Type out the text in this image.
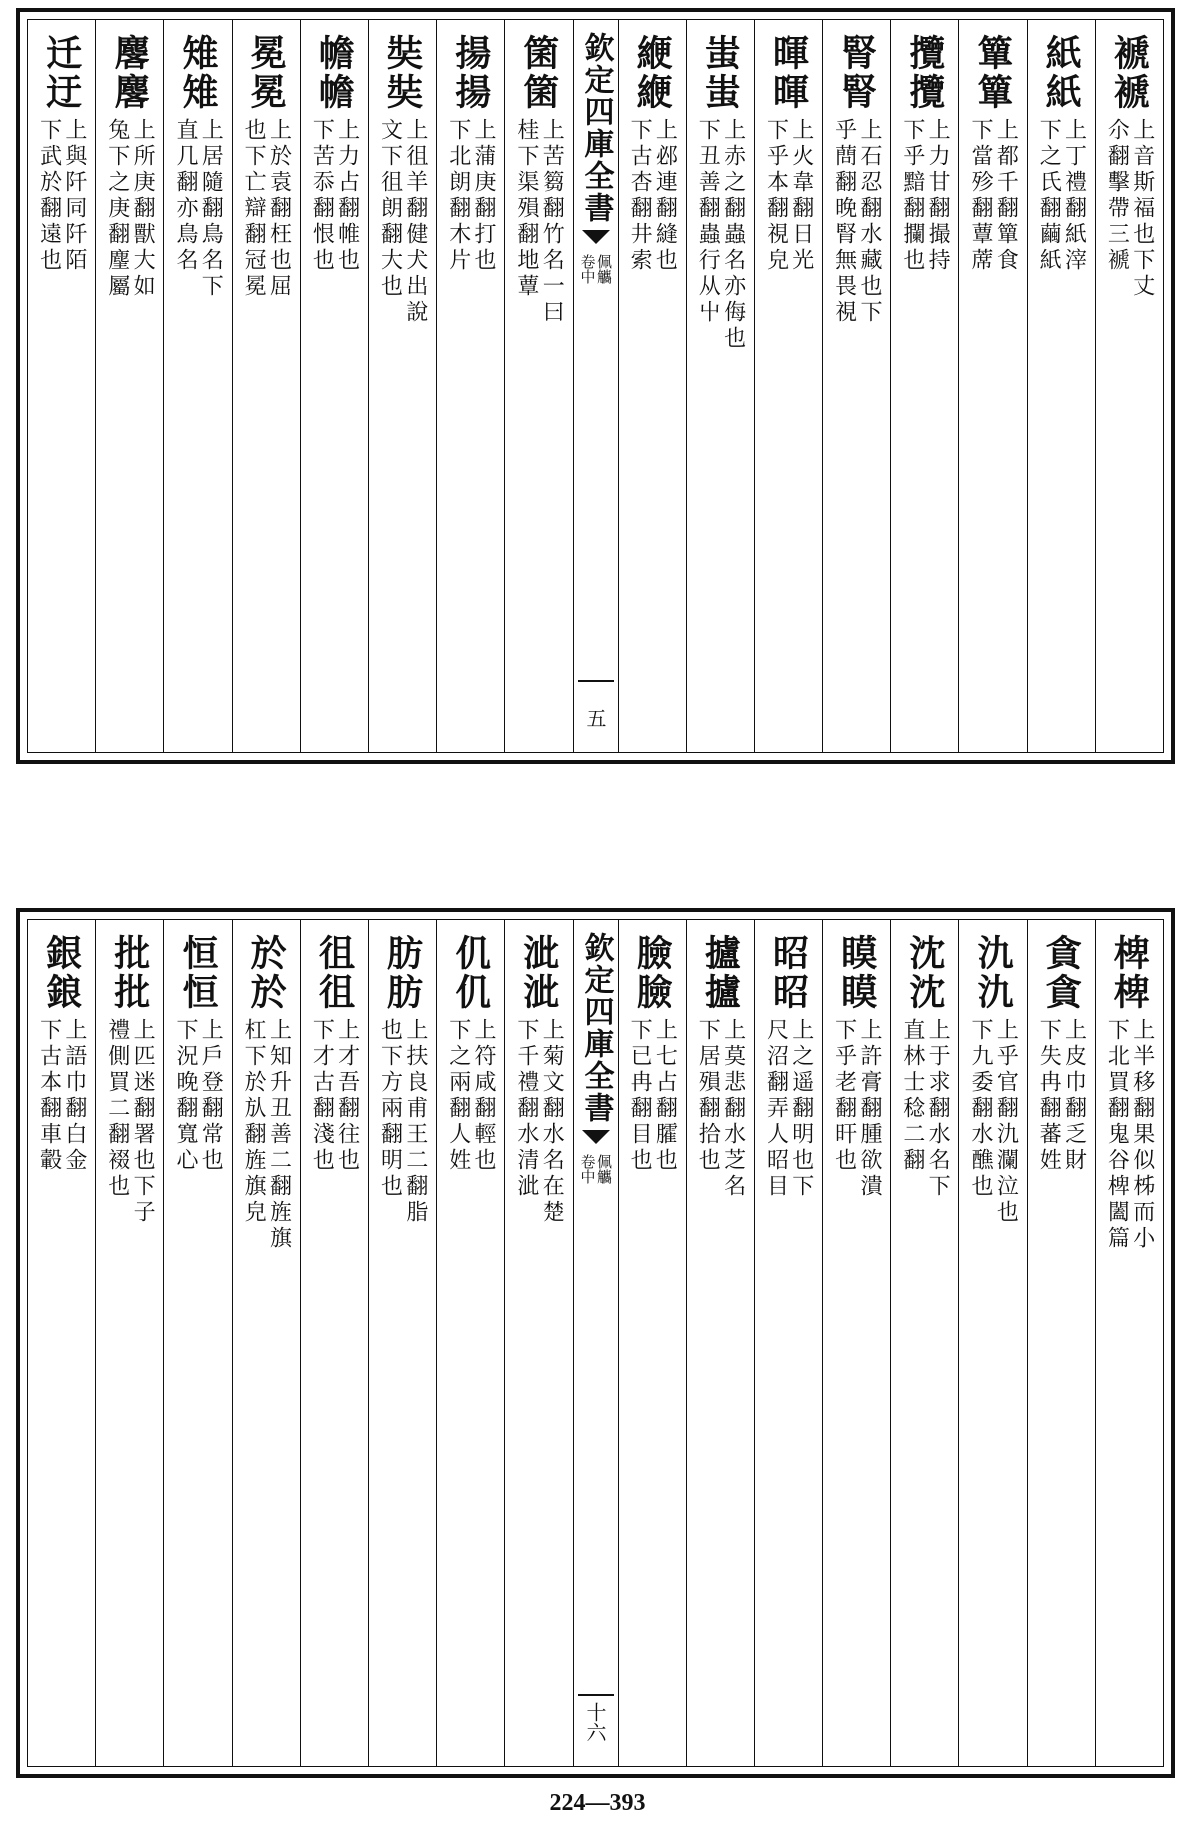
褫褫
上音斯福也下丈
尒翻擊帶三褫
紙紙
上丁禮翻紙滓
下之氏翻繭紙
簞簞
上都千翻簞食
下當殄翻蕈蓆
攬攬
上力甘翻撮持
下乎黯翻攔也
腎腎
上石忍翻水藏也下
乎蔄翻晚腎無畏視
暉暉
上火韋翻日光
下乎本翻視皃
蚩蚩
上赤之翻蟲名亦侮也
下丑善翻蟲行从屮
緶緶
上邲連翻縫也
下古杏翻井索
欽定四庫全書
佩觿
卷中
五
箘箘
上苦篘翻竹名一曰
桂下渠殞翻地蕈
揚揚
上蒲庚翻打也
下北朗翻木片
奘奘
上徂羊翻健犬出說
文下徂朗翻大也
幨幨
上力占翻帷也
下苦忝翻恨也
冕冕
上於袁翻枉也屈
也下亡辯翻冠冕
雉雉
上居隨翻鳥名下
直几翻亦鳥名
麐麐
上所庚翻獸大如
兔下之庚翻麈屬
迁迂
上與阡同阡陌
下武於翻遠也
椑椑
上半移翻果似柹而小
下北買翻鬼谷椑闔篇
貪貪
上皮巾翻乏財
下失冉翻蕃姓
氿氿
上乎官翻氿瀾泣也
下九委翻水醮也
沈沈
上于求翻水名下
直林士稔二翻
瞙瞙
上許膏翻腫欲潰
下乎老翻旰也
昭昭
上之遥翻明也下
尺沼翻弄人昭目
攎攎
上莫悲翻水芝名
下居殞翻拾也
臉臉
上七占翻臛也
下已冉翻目也
欽定四庫全書
佩觿
卷中
十六
泚泚
上菊文翻水名在楚
下千禮翻水清泚
仉仉
上符咸翻輕也
下之兩翻人姓
肪肪
上扶良甫王二翻脂
也下方兩翻明也
徂徂
上才吾翻往也
下才古翻淺也
於於
上知升丑善二翻旌旗
杠下於㫃翻旌旗皃
恒恒
上戶登翻常也
下況晚翻寬心
批批
上匹迷翻署也下子
禮側買二翻裰也
銀鋃
上語巾翻白金
下古本翻車轂
224—393
